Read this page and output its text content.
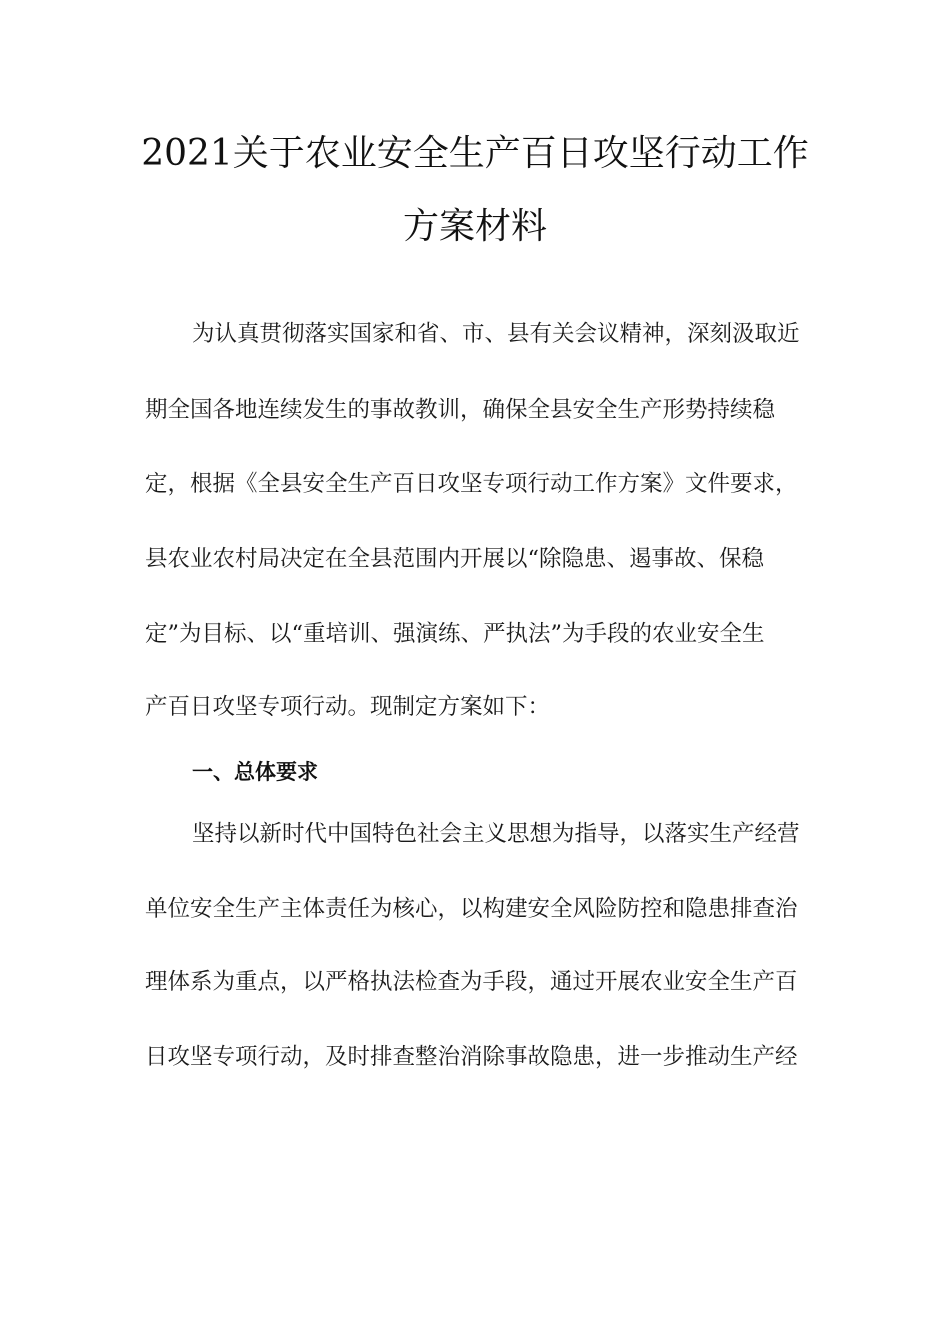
2021关于农业安全生产百日攻坚行动工作
方案材料
为认真贯彻落实国家和省、市、县有关会议精神，深刻汲取近
期全国各地连续发生的事故教训，确保全县安全生产形势持续稳
定，根据《全县安全生产百日攻坚专项行动工作方案》文件要求，
县农业农村局决定在全县范围内开展以“除隐患、遏事故、保稳
定”为目标、以“重培训、强演练、严执法”为手段的农业安全生
产百日攻坚专项行动。现制定方案如下：
一、总体要求
坚持以新时代中国特色社会主义思想为指导，以落实生产经营
单位安全生产主体责任为核心，以构建安全风险防控和隐患排查治
理体系为重点，以严格执法检查为手段，通过开展农业安全生产百
日攻坚专项行动，及时排查整治消除事故隐患，进一步推动生产经
